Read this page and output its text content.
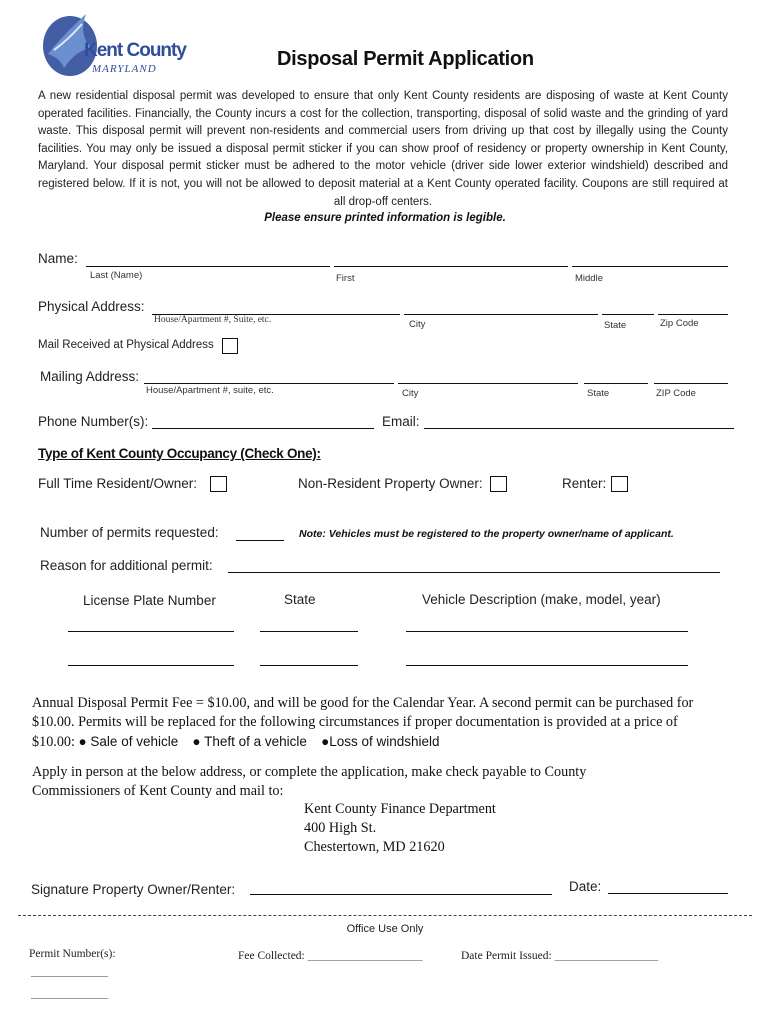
Kent County
MARYLAND	Disposal Permit Application
A new residential disposal permit was developed to ensure that only Kent County residents are disposing of waste at Kent County operated facilities. Financially, the County incurs a cost for the collection, transporting, disposal of solid waste and the grinding of yard waste. This disposal permit will prevent non-residents and commercial users from driving up that cost by illegally using the County facilities. You may only be issued a disposal permit sticker if you can show proof of residency or property ownership in Kent County, Maryland. Your disposal permit sticker must be adhered to the motor vehicle (driver side lower exterior windshield) described and registered below. If it is not, you will not be allowed to deposit material at a Kent County operated facility. Coupons are still required at all drop-off centers.
Please ensure printed information is legible.
Name:
Last (Name)	First	Middle
Physical Address:
House/Apartment #, Suite, etc.	City	State	Zip Code
Mail Received at Physical Address
Mailing Address:
House/Apartment #, suite, etc.	City	State	ZIP Code
Phone Number(s):	Email:
Type of Kent County Occupancy (Check One):
Full Time Resident/Owner:	Non-Resident Property Owner:	Renter:
Number of permits requested:	Note: Vehicles must be registered to the property owner/name of applicant.
Reason for additional permit:
License Plate Number	State	Vehicle Description (make, model, year)
Annual Disposal Permit Fee = $10.00, and will be good for the Calendar Year. A second permit can be purchased for
$10.00. Permits will be replaced for the following circumstances if proper documentation is provided at a price of
$10.00: ● Sale of vehicle ● Theft of a vehicle ●Loss of windshield
Apply in person at the below address, or complete the application, make check payable to County
Commissioners of Kent County and mail to:
Kent County Finance Department
400 High St.
Chestertown, MD 21620
Signature Property Owner/Renter:	Date:
Office Use Only
Permit Number(s):
______________
______________
Fee Collected: ____________________	Date Permit Issued: __________________
